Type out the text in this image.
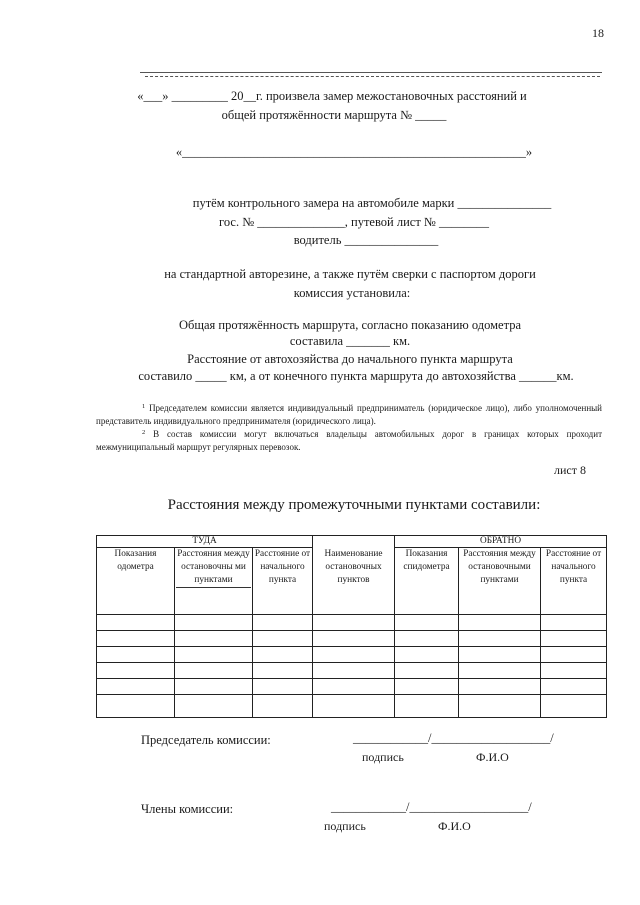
18
«___» _________ 20__г. произвела замер межостановочных расстояний и
общей протяжённости маршрута № _____
«_______________________________________________________»
путём контрольного замера на автомобиле марки _______________
гос. № ______________, путевой лист № ________
водитель _______________
на стандартной авторезине, а также путём сверки с паспортом дороги
комиссия установила:
Общая протяжённость маршрута, согласно показанию одометра
составила _______ км.
Расстояние от автохозяйства до начального пункта маршрута
составило _____ км, а от конечного пункта маршрута до автохозяйства ______км.
$^1$ Председателем комиссии является индивидуальный предприниматель (юридическое лицо), либо уполномоченный представитель индивидуального предпринимателя (юридического лица).
$^2$ В состав комиссии могут включаться владельцы автомобильных дорог в границах которых проходит межмуниципальный маршрут регулярных перевозок.
лист 8
Расстояния между промежуточными пунктами составили:
ТУДА				ОБРАТНО		
Показания одометра	Расстояния между остановочны ми пунктами	Расстояние от начального пункта	Наименование остановочных пунктов	Показания спидометра	Расстояния между остановочными пунктами	Расстояние от начального пункта

Председатель комиссии:	____________/___________________/
подпись	Ф.И.О
Члены комиссии:	____________/___________________/
подпись	Ф.И.О
